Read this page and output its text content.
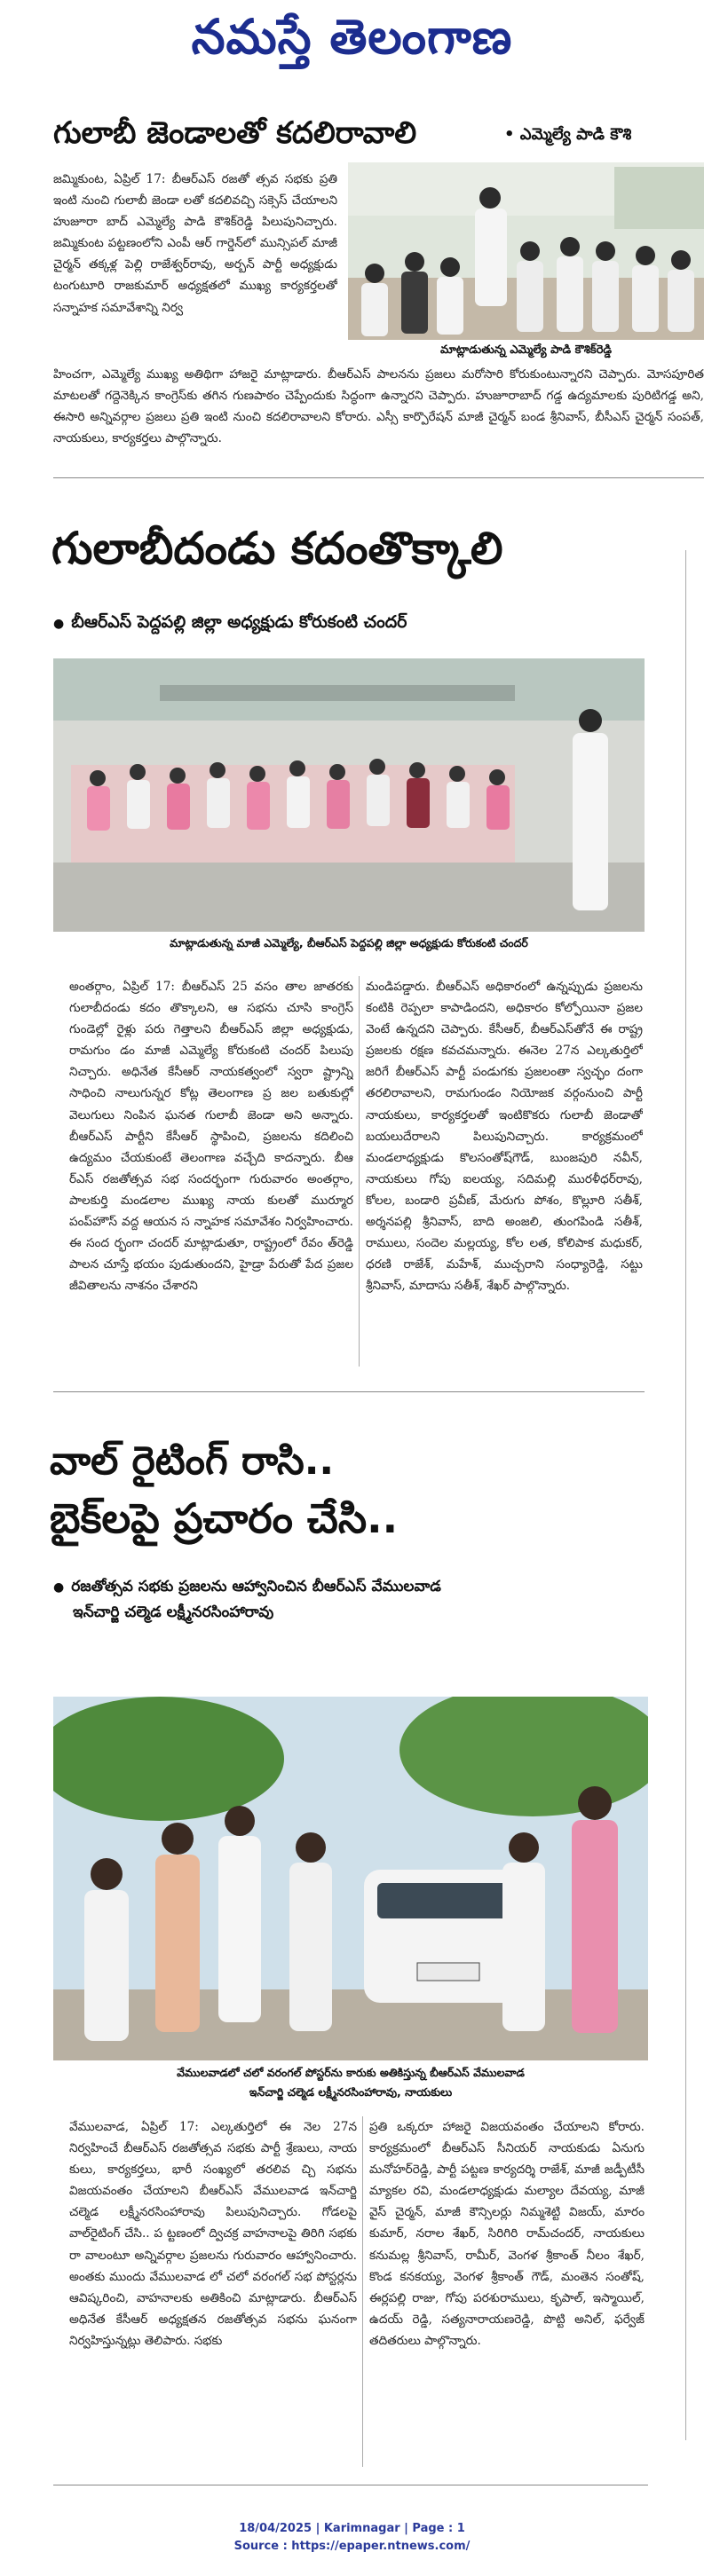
నమస్తే తెలంగాణ
గులాబీ జెండాలతో కదలిరావాలి	• ఎమ్మెల్యే పాడి కౌశి
జమ్మికుంట, ఏప్రిల్ 17: బీఆర్ఎస్ రజతో త్సవ సభకు ప్రతి ఇంటి నుంచి గులాబీ జెండా లతో కదలివచ్చి సక్సెస్ చేయాలని హుజూరా బాద్ ఎమ్మెల్యే పాడి కౌశిక్‌రెడ్డి పిలుపునిచ్చారు. జమ్మికుంట పట్టణంలోని ఎంపీ ఆర్ గార్డెన్‌లో మున్సిపల్ మాజీ చైర్మన్ తక్కళ్ల పెల్లి రాజేశ్వర్‌రావు, అర్బన్ పార్టీ అధ్యక్షుడు టంగుటూరి రాజకుమార్ అధ్యక్షతలో ముఖ్య కార్యకర్తలతో సన్నాహక సమావేశాన్ని నిర్వ
మాట్లాడుతున్న ఎమ్మెల్యే పాడి కౌశిక్‌రెడ్డి
హించగా, ఎమ్మెల్యే ముఖ్య అతిథిగా హాజరై మాట్లాడారు. బీఆర్ఎస్ పాలనను ప్రజలు మరోసారి కోరుకుంటున్నారని చెప్పారు. మోసపూరిత మాటలతో గద్దెనెక్కిన కాంగ్రెస్‌కు తగిన గుణపాఠం చెప్పేందుకు సిద్ధంగా ఉన్నారని చెప్పారు. హుజూరాబాద్ గడ్డ ఉద్యమాలకు పురిటిగడ్డ అని, ఈసారి అన్నివర్గాల ప్రజలు ప్రతి ఇంటి నుంచి కదలిరావాలని కోరారు. ఎస్సీ కార్పొరేషన్ మాజీ చైర్మన్ బండ శ్రీనివాస్, బీసీఎస్ చైర్మన్ సంపత్, నాయకులు, కార్యకర్తలు పాల్గొన్నారు.
గులాబీదండు కదంతొక్కాలి
● బీఆర్ఎస్ పెద్దపల్లి జిల్లా అధ్యక్షుడు కోరుకంటి చందర్
మాట్లాడుతున్న మాజీ ఎమ్మెల్యే, బీఆర్ఎస్ పెద్దపల్లి జిల్లా అధ్యక్షుడు కోరుకంటి చందర్
అంతర్గాం, ఏప్రిల్ 17: బీఆర్ఎస్ 25 వసం తాల జాతరకు గులాబీదండు కదం తొక్కాలని, ఆ సభను చూసి కాంగ్రెస్‌ గుండెల్లో రైళ్లు పరు గెత్తాలని బీఆర్ఎస్ జిల్లా అధ్యక్షుడు, రామగుం డం మాజీ ఎమ్మెల్యే కోరుకంటి చందర్ పిలుపు నిచ్చారు. అధినేత కేసీఆర్ నాయకత్వంలో స్వరా ష్ట్రాన్ని సాధించి నాలుగున్నర కోట్ల తెలంగాణ ప్ర జల బతుకుల్లో వెలుగులు నింపిన ఘనత గులాబీ జెండా అని అన్నారు. బీఆర్ఎస్ పార్టీని కేసీఆర్ స్థాపించి, ప్రజలను కదిలించి ఉద్యమం చేయకుంటే తెలంగాణ వచ్చేది కాదన్నారు. బీఆ ర్ఎస్ రజతోత్సవ సభ సందర్భంగా గురువారం అంతర్గాం, పాలకుర్తి మండలాల ముఖ్య నాయ కులతో ముర్మూర పంప్‌హౌస్ వద్ద ఆయన స న్నాహక సమావేశం నిర్వహించారు. ఈ సంద ర్భంగా చందర్ మాట్లాడుతూ, రాష్ట్రంలో రేవం త్‌రెడ్డి పాలన చూస్తే భయం పుడుతుందని, హైడ్రా పేరుతో పేద ప్రజల జీవితాలను నాశనం చేశారని
మండిపడ్డారు. బీఆర్ఎస్ అధికారంలో ఉన్నప్పుడు ప్రజలను కంటికి రెప్పలా కాపాడిందని, అధికారం కోల్పోయినా ప్రజల వెంటే ఉన్నదని చెప్పారు. కేసీఆర్, బీఆర్ఎస్‌తోనే ఈ రాష్ట్ర ప్రజలకు రక్షణ కవచమన్నారు. ఈనెల 27న ఎల్కతుర్తిలో జరిగే బీఆర్ఎస్ పార్టీ పండుగకు ప్రజలంతా స్వచ్ఛం దంగా తరలిరావాలని, రామగుండం నియోజక వర్గంనుంచి పార్టీ నాయకులు, కార్యకర్తలతో ఇంటికొకరు గులాబీ జెండాతో బయలుదేరాలని పిలుపునిచ్చారు. కార్యక్రమంలో మండలాధ్యక్షుడు కొలసంతోష్‌గౌడ్, బుంజపురి నవీన్, నాయకులు గోపు ఐలయ్య, సదిమల్లి మురళీధర్‌రావు, కోలల, బండారి ప్రవీణ్, మేరుగు పోశం, కొల్లూరి సతీశ్, అర్శనపల్లి శ్రీనివాస్, బాది అంజలి, తుంగపిండి సతీశ్, రాములు, సందెల మల్లయ్య, కోల లత, కోలిపాక మధుకర్, ధరణి రాజేశ్, మహేశ్, ముచ్చరాని సంధ్యారెడ్డి, సట్టు శ్రీనివాస్, మాదాసు సతీశ్, శేఖర్ పాల్గొన్నారు.
వాల్ రైటింగ్ రాసి..
బైక్‌లపై ప్రచారం చేసి..
● రజతోత్సవ సభకు ప్రజలను ఆహ్వానించిన బీఆర్ఎస్ వేములవాడ
ఇన్‌చార్జి చల్మెడ లక్ష్మీనరసింహారావు
వేములవాడలో చలో వరంగల్ పోస్టర్‌ను కారుకు అతికిస్తున్న బీఆర్ఎస్ వేములవాడ
ఇన్‌చార్జి చల్మెడ లక్ష్మీనరసింహారావు, నాయకులు
వేములవాడ, ఏప్రిల్ 17: ఎల్కతుర్తిలో ఈ నెల 27న నిర్వహించే బీఆర్ఎస్ రజతోత్సవ సభకు పార్టీ శ్రేణులు, నాయ కులు, కార్యకర్తలు, భారీ సంఖ్యలో తరలివ చ్చి సభను విజయవంతం చేయాలని బీఆర్ఎస్ వేములవాడ ఇన్‌చార్జి చల్మెడ లక్ష్మీనరసింహారావు పిలుపునిచ్చారు. గోడలపై వాల్‌రైటింగ్ చేసి.. ప ట్టణంలో ద్విచక్ర వాహనాలపై తిరిగి సభకు రా వాలంటూ అన్నివర్గాల ప్రజలను గురువారం ఆహ్వానించారు. అంతకు ముందు వేములవాడ లో చలో వరంగల్ సభ పోస్టర్లను ఆవిష్కరించి, వాహనాలకు అతికించి మాట్లాడారు. బీఆర్ఎస్ అధినేత కేసీఆర్ అధ్యక్షతన రజతోత్సవ సభను ఘనంగా నిర్వహిస్తున్నట్లు తెలిపారు. సభకు
ప్రతి ఒక్కరూ హాజరై విజయవంతం చేయాలని కోరారు. కార్యక్రమంలో బీఆర్ఎస్ సీనియర్ నాయకుడు ఏనుగు మనోహర్‌రెడ్డి, పార్టీ పట్టణ కార్యదర్శి రాజేశ్, మాజీ జడ్పీటీసీ మ్యాకల రవి, మండలాధ్యక్షుడు మల్యాల దేవయ్య, మాజీ వైస్ చైర్మన్, మాజీ కౌన్సిలర్లు నిమ్మశెట్టి విజయ్, మారం కుమార్, నరాల శేఖర్, సిరిగిరి రామ్‌చందర్, నాయకులు కనుమల్ల శ్రీనివాస్, రామీర్, వెంగళ శ్రీకాంత్ నీలం శేఖర్, కొండ కనకయ్య, వెంగళ శ్రీకాంత్ గౌడ్, మంతెన సంతోష్, ఈర్లపల్లి రాజు, గోపు పరశురాములు, కృపాల్, ఇస్మాయిల్, ఉదయ్ రెడ్డి, సత్యనారాయణరెడ్డి, పొట్టి అనిల్, ఫర్వేజ్ తదితరులు పాల్గొన్నారు.
18/04/2025 | Karimnagar | Page : 1
Source : https://epaper.ntnews.com/
